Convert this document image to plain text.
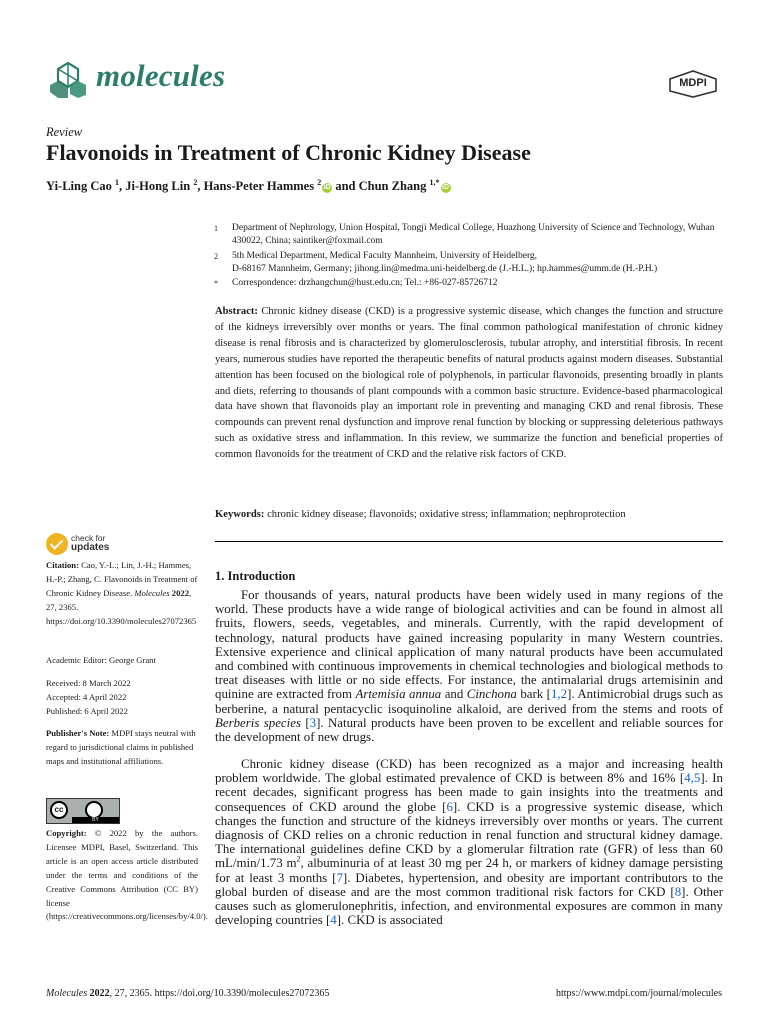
molecules	MDPI
Review
Flavonoids in Treatment of Chronic Kidney Disease
Yi-Ling Cao $^1$, Ji-Hong Lin $^2$, Hans-Peter Hammes $^2$iD and Chun Zhang $^{1,*}$iD
1 Department of Nephrology, Union Hospital, Tongji Medical College, Huazhong University of Science and Technology, Wuhan 430022, China; saintiker@foxmail.com
2 5th Medical Department, Medical Faculty Mannheim, University of Heidelberg,
D-68167 Mannheim, Germany; jihong.lin@medma.uni-heidelberg.de (J.-H.L.); hp.hammes@umm.de (H.-P.H.)
* Correspondence: drzhangchun@hust.edu.cn; Tel.: +86-027-85726712
Abstract: Chronic kidney disease (CKD) is a progressive systemic disease, which changes the function and structure of the kidneys irreversibly over months or years. The final common pathological manifestation of chronic kidney disease is renal fibrosis and is characterized by glomerulosclerosis, tubular atrophy, and interstitial fibrosis. In recent years, numerous studies have reported the therapeutic benefits of natural products against modern diseases. Substantial attention has been focused on the biological role of polyphenols, in particular flavonoids, presenting broadly in plants and diets, referring to thousands of plant compounds with a common basic structure. Evidence-based pharmacological data have shown that flavonoids play an important role in preventing and managing CKD and renal fibrosis. These compounds can prevent renal dysfunction and improve renal function by blocking or suppressing deleterious pathways such as oxidative stress and inflammation. In this review, we summarize the function and beneficial properties of common flavonoids for the treatment of CKD and the relative risk factors of CKD.
Keywords: chronic kidney disease; flavonoids; oxidative stress; inflammation; nephroprotection
check for
updates
Citation: Cao, Y.-L.; Lin, J.-H.; Hammes, H.-P.; Zhang, C. Flavonoids in Treatment of Chronic Kidney Disease. Molecules 2022, 27, 2365. https://doi.org/10.3390/molecules27072365
Academic Editor: George Grant
Received: 8 March 2022
Accepted: 4 April 2022
Published: 6 April 2022
Publisher's Note: MDPI stays neutral with regard to jurisdictional claims in published maps and institutional affiliations.
cc
BY
Copyright: © 2022 by the authors. Licensee MDPI, Basel, Switzerland. This article is an open access article distributed under the terms and conditions of the Creative Commons Attribution (CC BY) license (https://creativecommons.org/licenses/by/4.0/).
1. Introduction
For thousands of years, natural products have been widely used in many regions of the world. These products have a wide range of biological activities and can be found in almost all fruits, flowers, seeds, vegetables, and minerals. Currently, with the rapid development of technology, natural products have gained increasing popularity in many Western countries. Extensive experience and clinical application of many natural products have been accumulated and combined with continuous improvements in chemical technologies and biological methods to treat diseases with little or no side effects. For instance, the antimalarial drugs artemisinin and quinine are extracted from Artemisia annua and Cinchona bark [1,2]. Antimicrobial drugs such as berberine, a natural pentacyclic isoquinoline alkaloid, are derived from the stems and roots of Berberis species [3]. Natural products have been proven to be excellent and reliable sources for the development of new drugs.
Chronic kidney disease (CKD) has been recognized as a major and increasing health problem worldwide. The global estimated prevalence of CKD is between 8% and 16% [4,5]. In recent decades, significant progress has been made to gain insights into the treatments and consequences of CKD around the globe [6]. CKD is a progressive systemic disease, which changes the function and structure of the kidneys irreversibly over months or years. The current diagnosis of CKD relies on a chronic reduction in renal function and structural kidney damage. The international guidelines define CKD by a glomerular filtration rate (GFR) of less than 60 mL/min/1.73 $m^2$, albuminuria of at least 30 mg per 24 h, or markers of kidney damage persisting for at least 3 months [7]. Diabetes, hypertension, and obesity are important contributors to the global burden of disease and are the most common traditional risk factors for CKD [8]. Other causes such as glomerulonephritis, infection, and environmental exposures are common in many developing countries [4]. CKD is associated
Molecules 2022, 27, 2365. https://doi.org/10.3390/molecules27072365	https://www.mdpi.com/journal/molecules
